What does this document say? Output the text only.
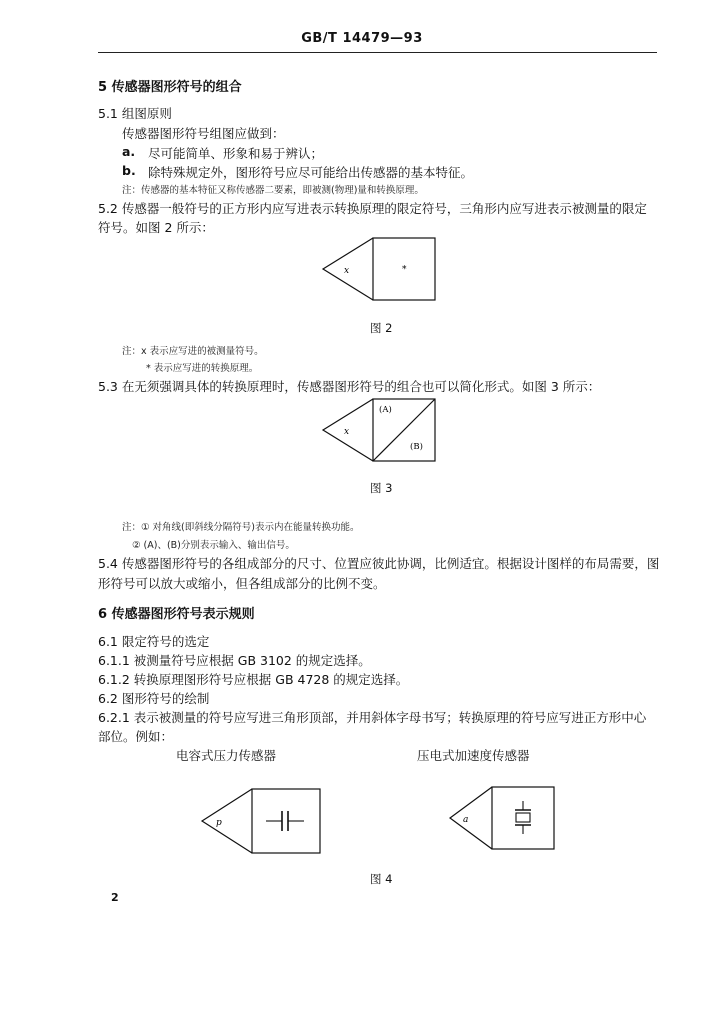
GB/T 14479—93
5 传感器图形符号的组合
5.1 组图原则
传感器图形符号组图应做到：
a. 尽可能简单、形象和易于辨认；
b. 除特殊规定外，图形符号应尽可能给出传感器的基本特征。
注：传感器的基本特征又称传感器二要素，即被测(物理)量和转换原理。
5.2 传感器一般符号的正方形内应写进表示转换原理的限定符号，三角形内应写进表示被测量的限定
符号。如图 2 所示：
x	*
图 2
注：x 表示应写进的被测量符号。
* 表示应写进的转换原理。
5.3 在无须强调具体的转换原理时，传感器图形符号的组合也可以简化形式。如图 3 所示：
x
(A)
(B)
图 3
注：① 对角线(即斜线分隔符号)表示内在能量转换功能。
② (A)、(B)分别表示输入、输出信号。
5.4 传感器图形符号的各组成部分的尺寸、位置应彼此协调，比例适宜。根据设计图样的布局需要，图
形符号可以放大或缩小，但各组成部分的比例不变。
6 传感器图形符号表示规则
6.1 限定符号的选定
6.1.1 被测量符号应根据 GB 3102 的规定选择。
6.1.2 转换原理图形符号应根据 GB 4728 的规定选择。
6.2 图形符号的绘制
6.2.1 表示被测量的符号应写进三角形顶部，并用斜体字母书写；转换原理的符号应写进正方形中心
部位。例如：
电容式压力传感器	压电式加速度传感器
p	a
图 4
2
